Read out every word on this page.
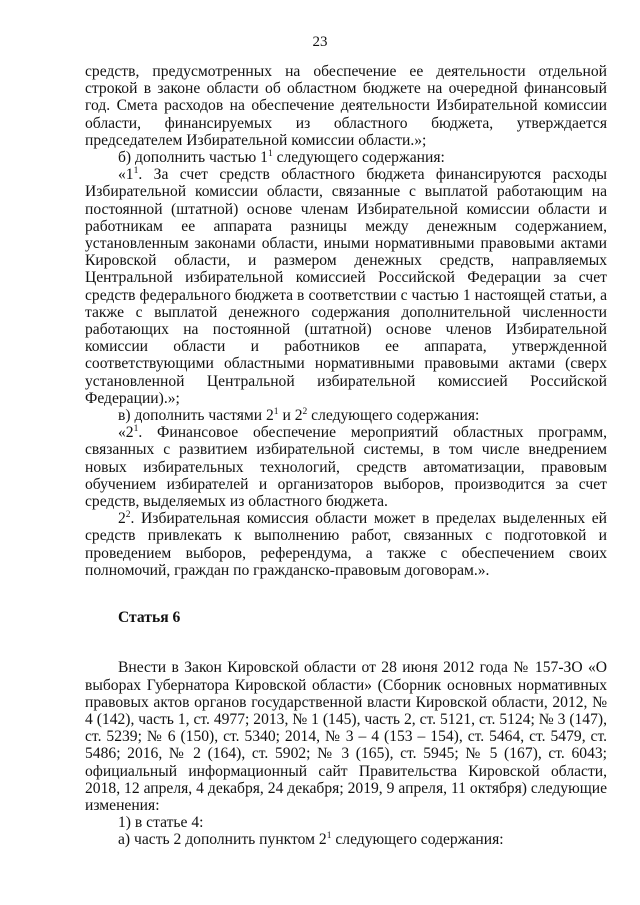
23

средств, предусмотренных на обеспечение ее деятельности отдельной строкой в законе области об областном бюджете на очередной финансовый год. Смета расходов на обеспечение деятельности Избирательной комиссии области, финансируемых из областного бюджета, утверждается председателем Избирательной комиссии области.»;

б) дополнить частью $1^1$ следующего содержания:

«$1^1$. За счет средств областного бюджета финансируются расходы Избирательной комиссии области, связанные с выплатой работающим на постоянной (штатной) основе членам Избирательной комиссии области и работникам ее аппарата разницы между денежным содержанием, установленным законами области, иными нормативными правовыми актами Кировской области, и размером денежных средств, направляемых Центральной избирательной комиссией Российской Федерации за счет средств федерального бюджета в соответствии с частью 1 настоящей статьи, а также с выплатой денежного содержания дополнительной численности работающих на постоянной (штатной) основе членов Избирательной комиссии области и работников ее аппарата, утвержденной соответствующими областными нормативными правовыми актами (сверх установленной Центральной избирательной комиссией Российской Федерации).»;

в) дополнить частями $2^1$ и $2^2$ следующего содержания:

«$2^1$. Финансовое обеспечение мероприятий областных программ, связанных с развитием избирательной системы, в том числе внедрением новых избирательных технологий, средств автоматизации, правовым обучением избирателей и организаторов выборов, производится за счет средств, выделяемых из областного бюджета.

$2^2$. Избирательная комиссия области может в пределах выделенных ей средств привлекать к выполнению работ, связанных с подготовкой и проведением выборов, референдума, а также с обеспечением своих полномочий, граждан по гражданско-правовым договорам.».

Статья 6

Внести в Закон Кировской области от 28 июня 2012 года № 157-ЗО «О выборах Губернатора Кировской области» (Сборник основных нормативных правовых актов органов государственной власти Кировской области, 2012, № 4 (142), часть 1, ст. 4977; 2013, № 1 (145), часть 2, ст. 5121, ст. 5124; № 3 (147), ст. 5239; № 6 (150), ст. 5340; 2014, № 3 – 4 (153 – 154), ст. 5464, ст. 5479, ст. 5486; 2016, № 2 (164), ст. 5902; № 3 (165), ст. 5945; № 5 (167), ст. 6043; официальный информационный сайт Правительства Кировской области, 2018, 12 апреля, 4 декабря, 24 декабря; 2019, 9 апреля, 11 октября) следующие изменения:

1) в статье 4:

а) часть 2 дополнить пунктом $2^1$ следующего содержания:
